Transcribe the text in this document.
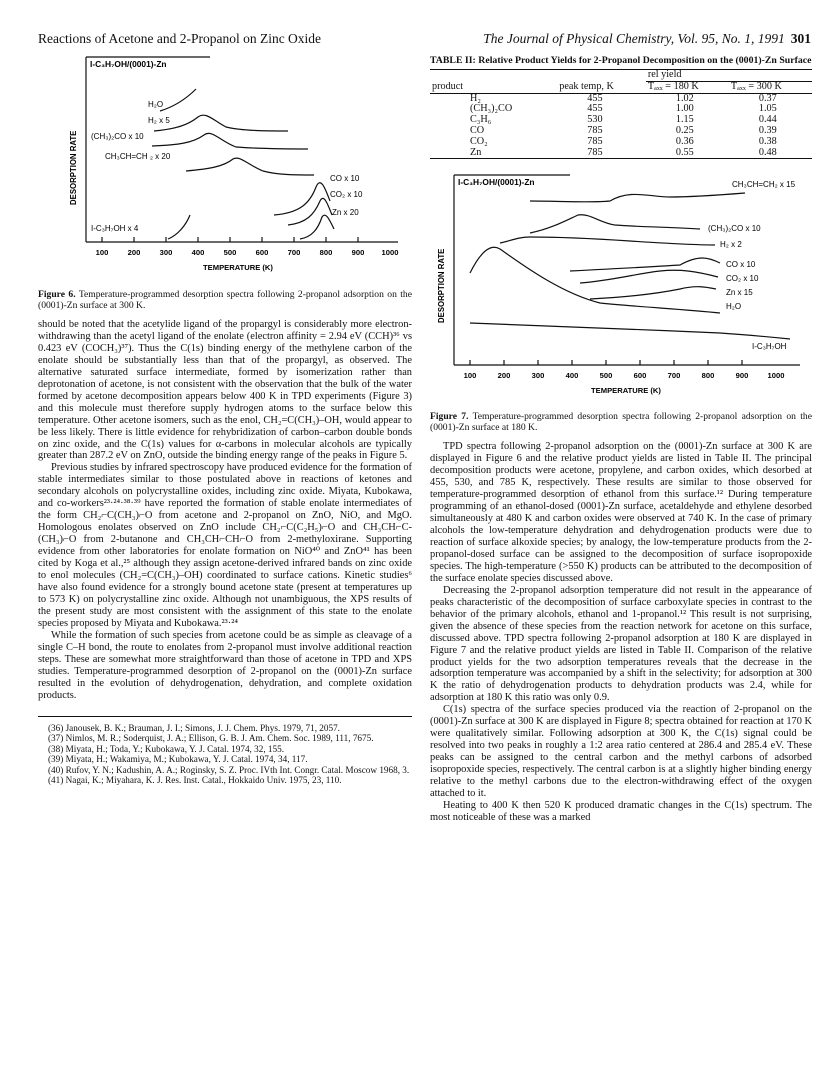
Reactions of Acetone and 2-Propanol on Zinc Oxide	The Journal of Physical Chemistry, Vol. 95, No. 1, 1991 301
I-C₃H₇OH/(0001)-Zn
DESORPTION RATE
H₂O
H₂ x 5
(CH₃)₂CO x 10
CH₃CH=CH ₂ x 20
CO x 10
CO₂ x 10
Zn x 20
I-C₃H₇OH x 4
100	200	300	400	500	600	700	800	900 1000
TEMPERATURE (K)
Figure 6. Temperature-programmed desorption spectra following 2-propanol adsorption on the (0001)-Zn surface at 300 K.

should be noted that the acetylide ligand of the propargyl is considerably more electron-withdrawing than the acetyl ligand of the enolate (electron affinity = 2.94 eV (CCH)³⁶ vs 0.423 eV (COCH₃)³⁷). Thus the C(1s) binding energy of the methylene carbon of the enolate should be substantially less than that of the propargyl, as observed. The alternative saturated surface intermediate, formed by isomerization rather than deprotonation of acetone, is not consistent with the observation that the bulk of the water formed by acetone decomposition appears below 400 K in TPD experiments (Figure 3) and this molecule must therefore supply hydrogen atoms to the surface below this temperature. Other acetone isomers, such as the enol, CH₂=C(CH₃)–OH, would appear to be less likely. There is little evidence for rehybridization of carbon–carbon double bonds on zinc oxide, and the C(1s) values for α-carbons in molecular alcohols are typically greater than 287.2 eV on ZnO, outside the binding energy range of the peaks in Figure 5.

Previous studies by infrared spectroscopy have produced evidence for the formation of stable intermediates similar to those postulated above in reactions of ketones and secondary alcohols on polycrystalline oxides, including zinc oxide. Miyata, Kubokawa, and co-workers²³·²⁴·³⁸·³⁹ have reported the formation of stable enolate intermediates of the form CH₂⌐C(CH₃)⌐O from acetone and 2-propanol on ZnO, NiO, and MgO. Homologous enolates observed on ZnO include CH₂⌐C(C₂H₅)⌐O and CH₃CH⌐C-(CH₃)⌐O from 2-butanone and CH₃CH⌐CH⌐O from 2-methyloxirane. Supporting evidence from other laboratories for enolate formation on NiO⁴⁰ and ZnO⁴¹ has been cited by Koga et al.,²⁵ although they assign acetone-derived infrared bands on zinc oxide to enol molecules (CH₂=C(CH₃)–OH) coordinated to surface cations. Kinetic studies⁶ have also found evidence for a strongly bound acetone state (present at temperatures up to 573 K) on polycrystalline zinc oxide. Although not unambiguous, the XPS results of the present study are most consistent with the assignment of this state to the enolate species proposed by Miyata and Kubokawa.²³·²⁴

While the formation of such species from acetone could be as simple as cleavage of a single C–H bond, the route to enolates from 2-propanol must involve additional reaction steps. These are somewhat more straightforward than those of acetone in TPD and XPS studies. Temperature-programmed desorption of 2-propanol on the (0001)-Zn surface resulted in the evolution of dehydrogenation, dehydration, and complete oxidation products.

(36) Janousek, B. K.; Brauman, J. I.; Simons, J. J. Chem. Phys. 1979, 71, 2057.
(37) Nimlos, M. R.; Soderquist, J. A.; Ellison, G. B. J. Am. Chem. Soc. 1989, 111, 7675.
(38) Miyata, H.; Toda, Y.; Kubokawa, Y. J. Catal. 1974, 32, 155.
(39) Miyata, H.; Wakamiya, M.; Kubokawa, Y. J. Catal. 1974, 34, 117.
(40) Rufov, Y. N.; Kadushin, A. A.; Roginsky, S. Z. Proc. IVth Int. Congr. Catal. Moscow 1968, 3.
(41) Nagai, K.; Miyahara, K. J. Res. Inst. Catal., Hokkaido Univ. 1975, 23, 110.
TABLE II: Relative Product Yields for 2-Propanol Decomposition on the (0001)-Zn Surface
		rel yield	
product	peak temp, K	Tₐₓₓ = 180 K	Tₐₓₓ = 300 K
H₂	455	1.02	0.37
(CH₃)₂CO	455	1.00	1.05
C₃H₆	530	1.15	0.44
CO	785	0.25	0.39
CO₂	785	0.36	0.38
Zn	785	0.55	0.48
I-C₃H₇OH/(0001)-Zn
DESORPTION RATE
CH₃CH=CH₂ x 15
(CH₃)₂CO x 10
H₂ x 2
CO x 10
CO₂ x 10
Zn x 15
H₂O
I-C₃H₇OH
100	200	300	400	500	600	700	800	900	1000
TEMPERATURE (K)
Figure 7. Temperature-programmed desorption spectra following 2-propanol adsorption on the (0001)-Zn surface at 180 K.

TPD spectra following 2-propanol adsorption on the (0001)-Zn surface at 300 K are displayed in Figure 6 and the relative product yields are listed in Table II. The principal decomposition products were acetone, propylene, and carbon oxides, which desorbed at 455, 530, and 785 K, respectively. These results are similar to those observed for temperature-programmed desorption of ethanol from this surface.¹² During temperature programming of an ethanol-dosed (0001)-Zn surface, acetaldehyde and ethylene desorbed simultaneously at 480 K and carbon oxides were observed at 740 K. In the case of primary alcohols the low-temperature dehydration and dehydrogenation products were due to reaction of surface alkoxide species; by analogy, the low-temperature products from the 2-propanol-dosed surface can be assigned to the decomposition of surface isopropoxide species. The high-temperature (>550 K) products can be attributed to the decomposition of the surface enolate species discussed above.

Decreasing the 2-propanol adsorption temperature did not result in the appearance of peaks characteristic of the decomposition of surface carboxylate species in contrast to the behavior of the primary alcohols, ethanol and 1-propanol.¹² This result is not surprising, given the absence of these species from the reaction network for acetone on this surface, discussed above. TPD spectra following 2-propanol adsorption at 180 K are displayed in Figure 7 and the relative product yields are listed in Table II. Comparison of the relative product yields for the two adsorption temperatures reveals that the decrease in the adsorption temperature was accompanied by a shift in the selectivity; for adsorption at 300 K the ratio of dehydrogenation products to dehydration products was 2.4, while for adsorption at 180 K this ratio was only 0.9.

C(1s) spectra of the surface species produced via the reaction of 2-propanol on the (0001)-Zn surface at 300 K are displayed in Figure 8; spectra obtained for reaction at 170 K were qualitatively similar. Following adsorption at 300 K, the C(1s) signal could be resolved into two peaks in roughly a 1:2 area ratio centered at 286.4 and 285.4 eV. These peaks can be assigned to the central carbon and the methyl carbons of adsorbed isopropoxide species, respectively. The central carbon is at a slightly higher binding energy relative to the methyl carbons due to the electron-withdrawing effect of the oxygen attached to it.

Heating to 400 K then 520 K produced dramatic changes in the C(1s) spectrum. The most noticeable of these was a marked
